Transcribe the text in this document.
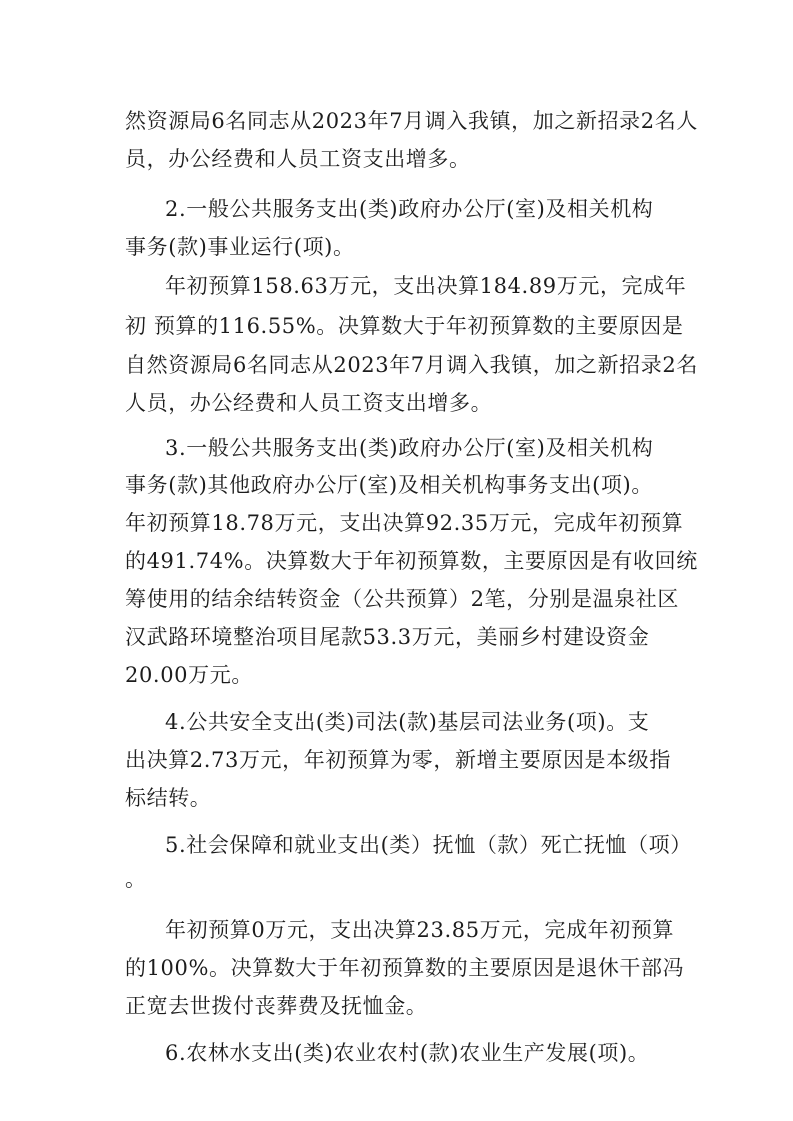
然资源局6名同志从2023年7月调入我镇，加之新招录2名人
员，办公经费和人员工资支出增多。
2.一般公共服务支出(类)政府办公厅(室)及相关机构
事务(款)事业运行(项)。
年初预算158.63万元，支出决算184.89万元，完成年
初 预算的116.55%。决算数大于年初预算数的主要原因是
自然资源局6名同志从2023年7月调入我镇，加之新招录2名
人员，办公经费和人员工资支出增多。
3.一般公共服务支出(类)政府办公厅(室)及相关机构
事务(款)其他政府办公厅(室)及相关机构事务支出(项)。
年初预算18.78万元，支出决算92.35万元，完成年初预算
的491.74%。决算数大于年初预算数，主要原因是有收回统
筹使用的结余结转资金（公共预算）2笔，分别是温泉社区
汉武路环境整治项目尾款53.3万元，美丽乡村建设资金
20.00万元。
4.公共安全支出(类)司法(款)基层司法业务(项)。支
出决算2.73万元，年初预算为零，新增主要原因是本级指
标结转。
5.社会保障和就业支出(类）抚恤（款）死亡抚恤（项）
。
年初预算0万元，支出决算23.85万元，完成年初预算
的100%。决算数大于年初预算数的主要原因是退休干部冯
正宽去世拨付丧葬费及抚恤金。
6.农林水支出(类)农业农村(款)农业生产发展(项)。
